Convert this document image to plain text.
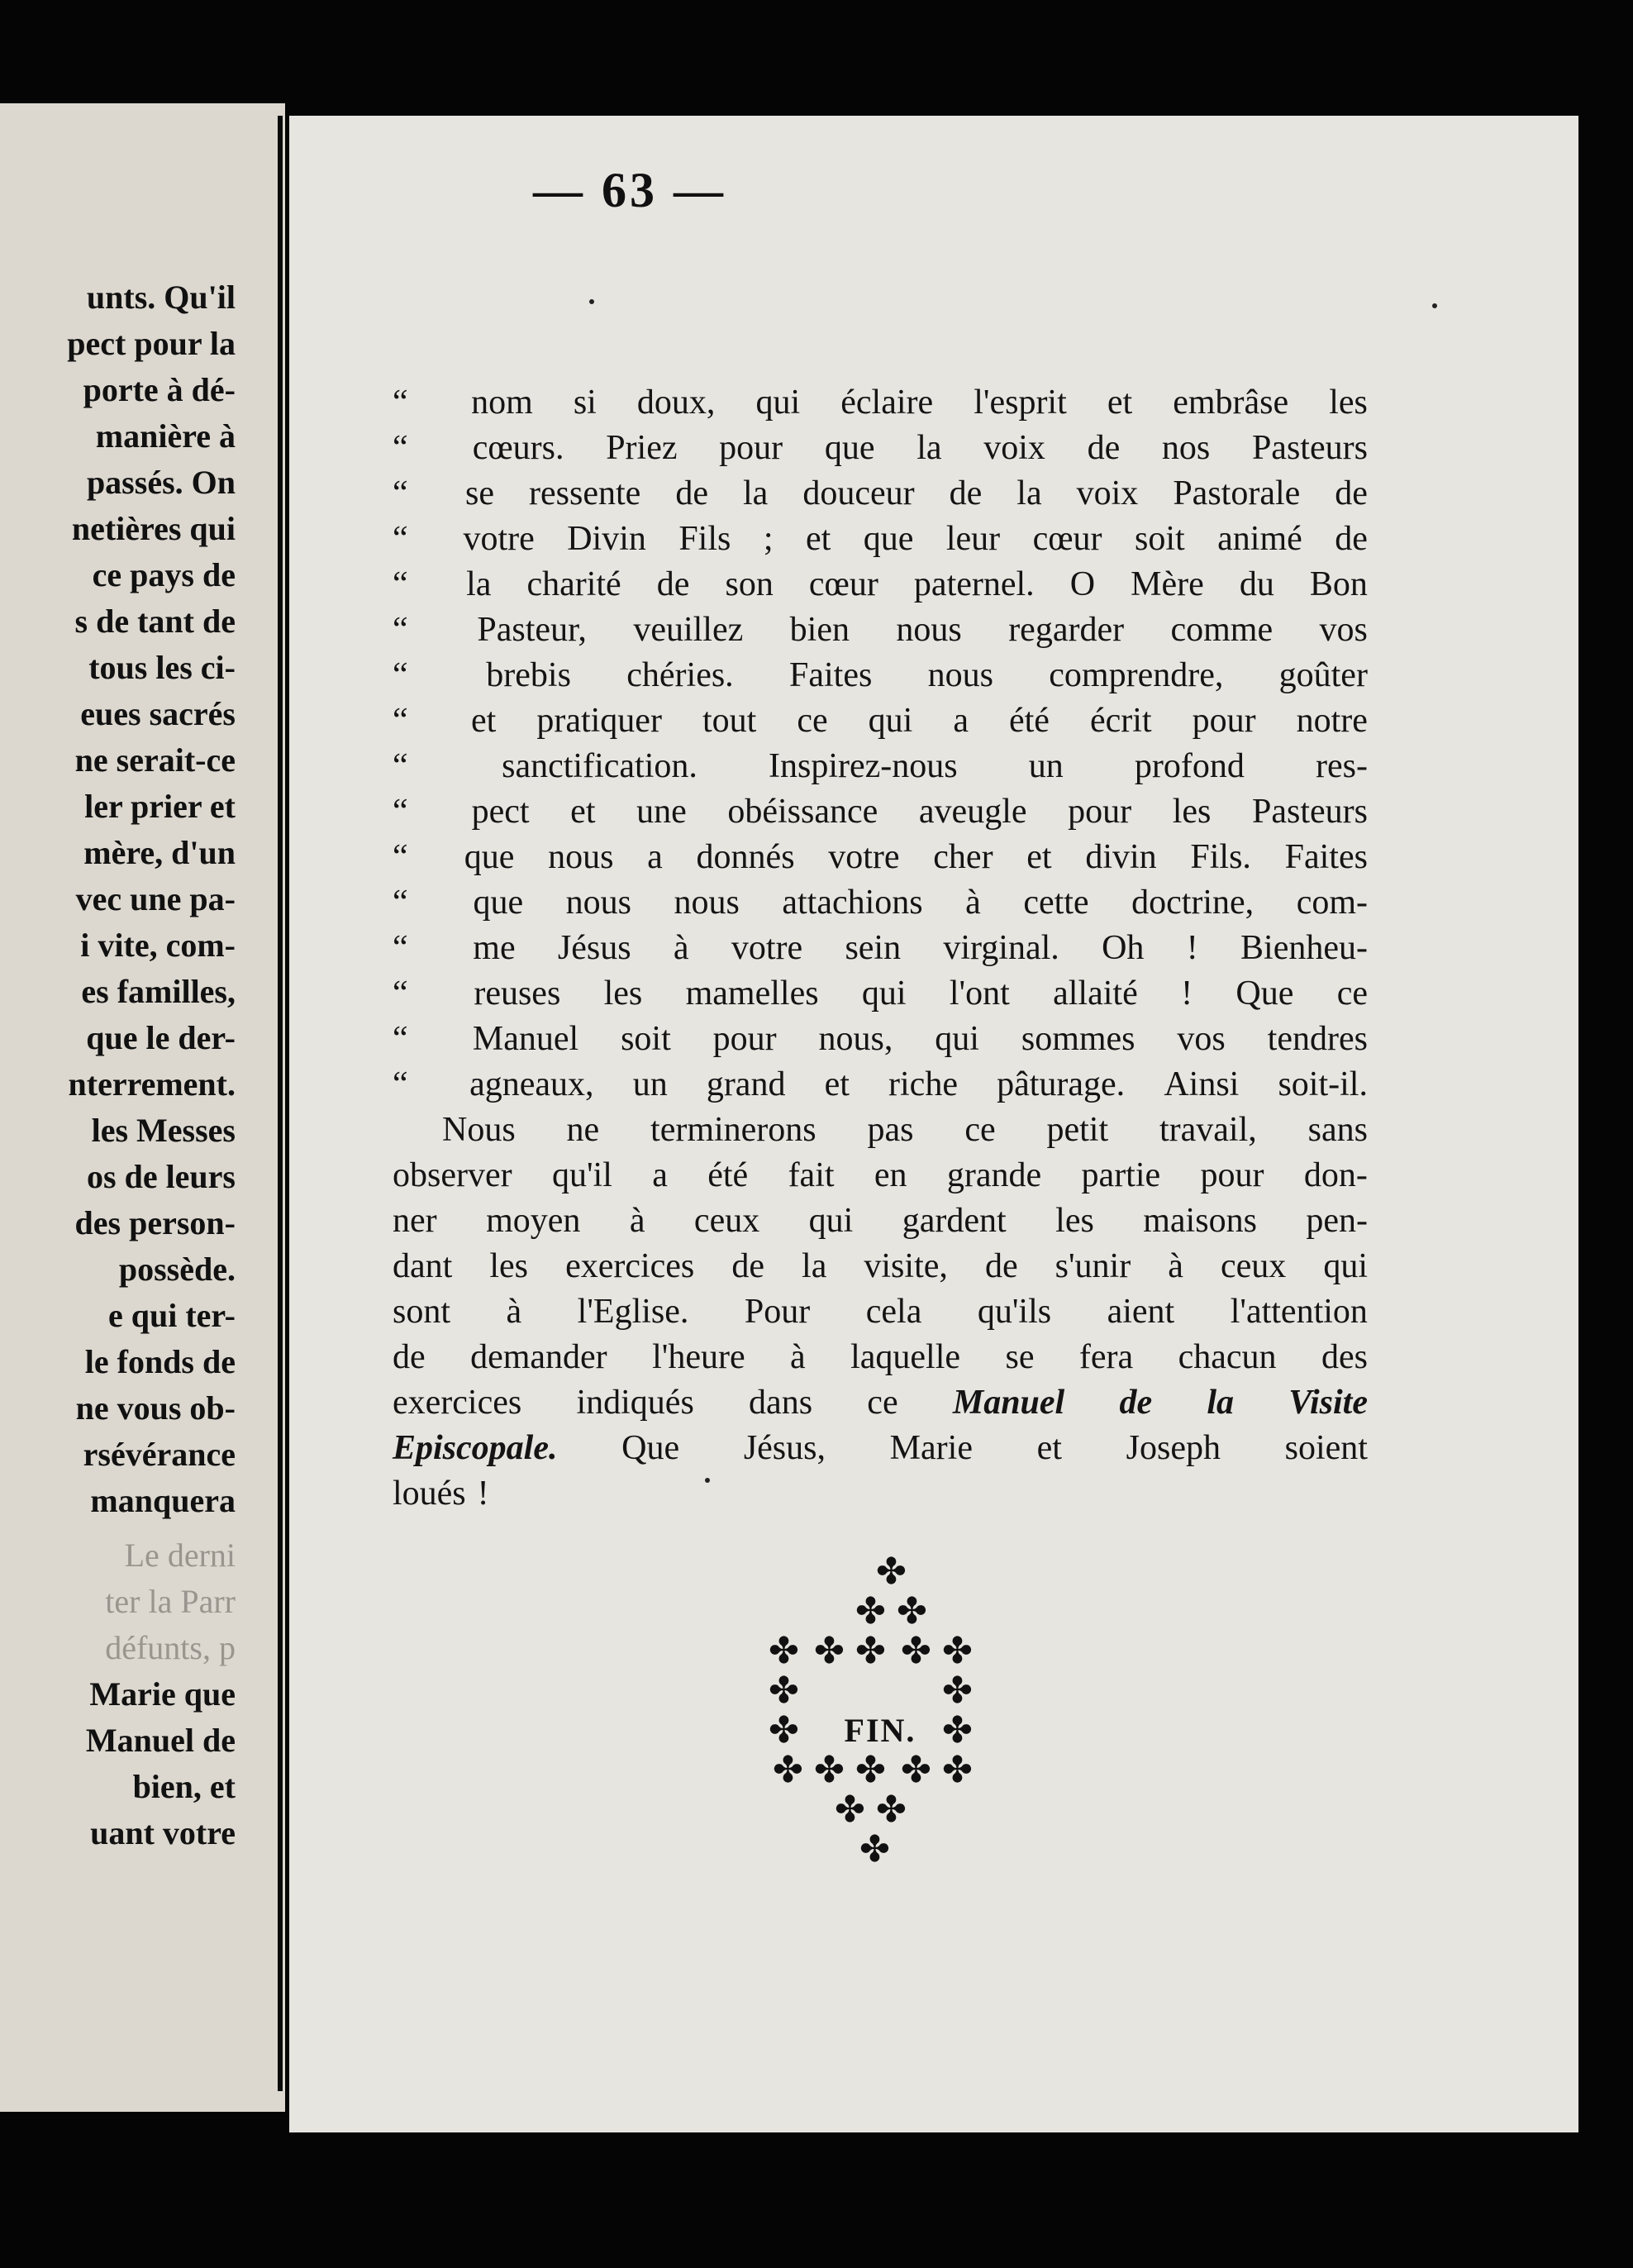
unts. Qu'il
pect pour la
porte à dé-
manière à
passés. On
netières qui
ce pays de
s de tant de
tous les ci-
eues sacrés
ne serait-ce
ler prier et
mère, d'un
vec une pa-
i vite, com-
es familles,
que le der-
nterrement.
les Messes
os de leurs
des person-
possède.
e qui ter-
le fonds de
ne vous ob-
rsévérance
manquera
Le derni
ter la Parr
défunts, p
Marie que
Manuel de
bien, et
uant votre
— 63 —
“	nom si doux, qui éclaire l'esprit et embrâse les
“	cœurs. Priez pour que la voix de nos Pasteurs
“	se ressente de la douceur de la voix Pastorale de
“	votre Divin Fils ; et que leur cœur soit animé de
“	la charité de son cœur paternel. O Mère du Bon
“	Pasteur, veuillez bien nous regarder comme vos
“	brebis chéries. Faites nous comprendre, goûter
“	et pratiquer tout ce qui a été écrit pour notre
“	sanctification. Inspirez-nous un profond res-
“	pect et une obéissance aveugle pour les Pasteurs
“	que nous a donnés votre cher et divin Fils. Faites
“	que nous nous attachions à cette doctrine, com-
“	me Jésus à votre sein virginal. Oh ! Bienheu-
“	reuses les mamelles qui l'ont allaité ! Que ce
“	Manuel soit pour nous, qui sommes vos tendres
“	agneaux, un grand et riche pâturage. Ainsi soit-il.
Nous ne terminerons pas ce petit travail, sans
observer qu'il a été fait en grande partie pour don-
ner moyen à ceux qui gardent les maisons pen-
dant les exercices de la visite, de s'unir à ceux qui
sont à l'Eglise. Pour cela qu'ils aient l'attention
de demander l'heure à laquelle se fera chacun des
exercices indiqués dans ce Manuel de la Visite
Episcopale. Que Jésus, Marie et Joseph soient
loués !
✤
✤ ✤
✤ ✤ ✤ ✤ ✤
✤	✤
✤	✤
✤ ✤ ✤ ✤ ✤
✤ ✤
✤
FIN.
